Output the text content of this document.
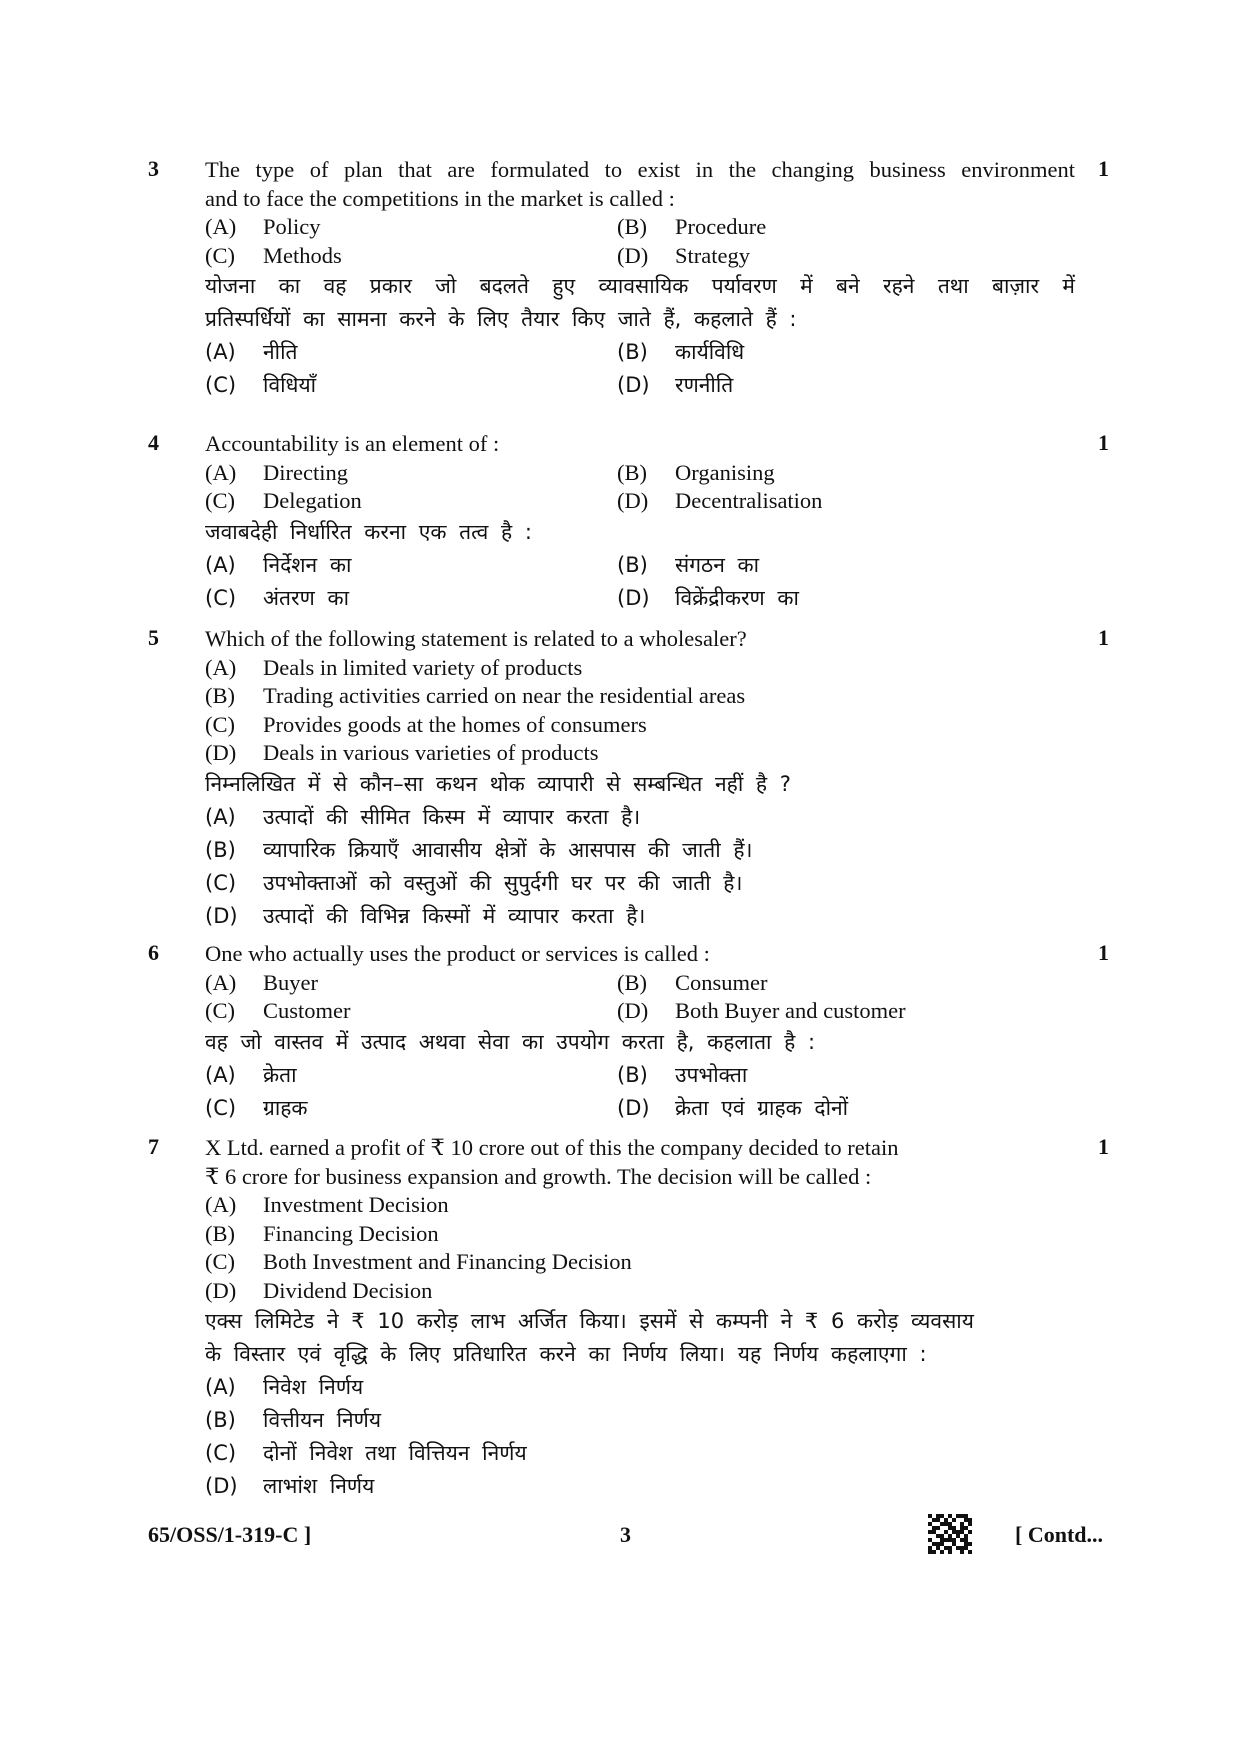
3	1
The type of plan that are formulated to exist in the changing business environment
and to face the competitions in the market is called :
(A)	Policy	(B)	Procedure
(C)	Methods	(D)	Strategy
योजना का वह प्रकार जो बदलते हुए व्यावसायिक पर्यावरण में बने रहने तथा बाज़ार में
प्रतिस्पर्धियों का सामना करने के लिए तैयार किए जाते हैं, कहलाते हैं :
(A)	नीति	(B)	कार्यविधि
(C)	विधियाँ	(D)	रणनीति
4	1
Accountability is an element of :
(A)	Directing	(B)	Organising
(C)	Delegation	(D)	Decentralisation
जवाबदेही निर्धारित करना एक तत्व है :
(A)	निर्देशन का	(B)	संगठन का
(C)	अंतरण का	(D)	विक्रेंद्रीकरण का
5	1
Which of the following statement is related to a wholesaler?
(A)	Deals in limited variety of products
(B)	Trading activities carried on near the residential areas
(C)	Provides goods at the homes of consumers
(D)	Deals in various varieties of products
निम्नलिखित में से कौन–सा कथन थोक व्यापारी से सम्बन्धित नहीं है ?
(A)	उत्पादों की सीमित किस्म में व्यापार करता है।
(B)	व्यापारिक क्रियाएँ आवासीय क्षेत्रों के आसपास की जाती हैं।
(C)	उपभोक्ताओं को वस्तुओं की सुपुर्दगी घर पर की जाती है।
(D)	उत्पादों की विभिन्न किस्मों में व्यापार करता है।
6	1
One who actually uses the product or services is called :
(A)	Buyer	(B)	Consumer
(C)	Customer	(D)	Both Buyer and customer
वह जो वास्तव में उत्पाद अथवा सेवा का उपयोग करता है, कहलाता है :
(A)	क्रेता	(B)	उपभोक्ता
(C)	ग्राहक	(D)	क्रेता एवं ग्राहक दोनों
7	1
X Ltd. earned a profit of ₹ 10 crore out of this the company decided to retain
₹ 6 crore for business expansion and growth. The decision will be called :
(A)	Investment Decision
(B)	Financing Decision
(C)	Both Investment and Financing Decision
(D)	Dividend Decision
एक्स लिमिटेड ने ₹ 10 करोड़ लाभ अर्जित किया। इसमें से कम्पनी ने ₹ 6 करोड़ व्यवसाय
के विस्तार एवं वृद्धि के लिए प्रतिधारित करने का निर्णय लिया। यह निर्णय कहलाएगा :
(A)	निवेश निर्णय
(B)	वित्तीयन निर्णय
(C)	दोनों निवेश तथा वित्तियन निर्णय
(D)	लाभांश निर्णय
65/OSS/1-319-C ]	3	[ Contd...
